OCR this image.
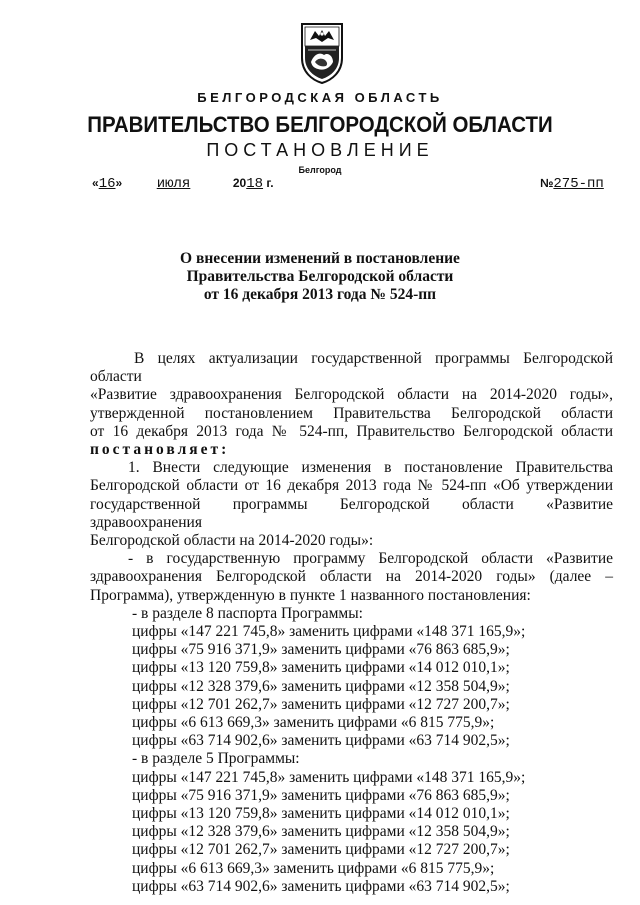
БЕЛГОРОДСКАЯ ОБЛАСТЬ
ПРАВИТЕЛЬСТВО БЕЛГОРОДСКОЙ ОБЛАСТИ
ПОСТАНОВЛЕНИЕ
Белгород
«16» июля	2018 г.	№275-пп
О внесении изменений в постановление
Правительства Белгородской области
от 16 декабря 2013 года № 524-пп

В целях актуализации государственной программы Белгородской области

«Развитие здравоохранения Белгородской области на 2014-2020 годы»,

утвержденной постановлением Правительства Белгородской области

от 16 декабря 2013 года № 524-пп, Правительство Белгородской области

постановляет:

1. Внести следующие изменения в постановление Правительства

Белгородской области от 16 декабря 2013 года № 524-пп «Об утверждении

государственной программы Белгородской области «Развитие здравоохранения

Белгородской области на 2014-2020 годы»:

- в государственную программу Белгородской области «Развитие

здравоохранения Белгородской области на 2014-2020 годы» (далее –

Программа), утвержденную в пункте 1 названного постановления:

- в разделе 8 паспорта Программы:

цифры «147 221 745,8» заменить цифрами «148 371 165,9»;

цифры «75 916 371,9» заменить цифрами «76 863 685,9»;

цифры «13 120 759,8» заменить цифрами «14 012 010,1»;

цифры «12 328 379,6» заменить цифрами «12 358 504,9»;

цифры «12 701 262,7» заменить цифрами «12 727 200,7»;

цифры «6 613 669,3» заменить цифрами «6 815 775,9»;

цифры «63 714 902,6» заменить цифрами «63 714 902,5»;

- в разделе 5 Программы:

цифры «147 221 745,8» заменить цифрами «148 371 165,9»;

цифры «75 916 371,9» заменить цифрами «76 863 685,9»;

цифры «13 120 759,8» заменить цифрами «14 012 010,1»;

цифры «12 328 379,6» заменить цифрами «12 358 504,9»;

цифры «12 701 262,7» заменить цифрами «12 727 200,7»;

цифры «6 613 669,3» заменить цифрами «6 815 775,9»;

цифры «63 714 902,6» заменить цифрами «63 714 902,5»;
